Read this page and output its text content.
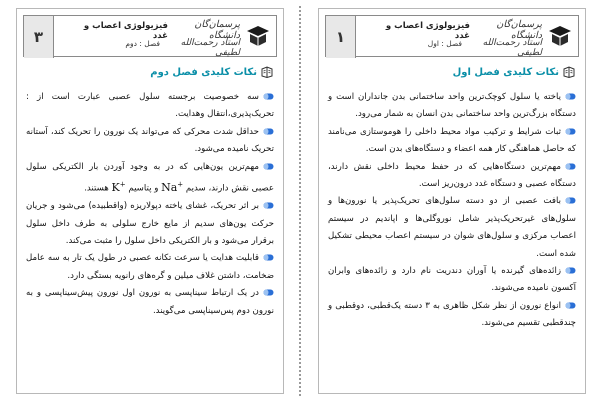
۳
پرسمان‌گان دانشگاه
فیزیولوژی اعصاب و غدد
استاد رحمت‌الله لطیفی
فصل : دوم
نکات کلیدی فصل دوم
سه خصوصیت برجسته سلول عصبی عبارت است از : تحریک‌پذیری،انتقال وهدایت.
حداقل شدت محرکی که می‌تواند یک نورون را تحریک کند، آستانه تحریک نامیده می‌شود.
مهم‌ترین یون‌هایی که در به وجود آوردن بار الکتریکی سلول عصبی نقش دارند، سدیم Na+ و پتاسیم K+ هستند.
بر اثر تحریک، غشای یاخته دپولاریزه (واقطبیده) می‌شود و جریان حرکت یون‌های سدیم از مایع خارج سلولی به طرف داخل سلول برقرار می‌شود و بار الکتریکی داخل سلول را مثبت می‌کند.
قابلیت هدایت یا سرعت تکانه عصبی در طول یک تار به سه عامل ضخامت، داشتن غلاف میلین و گره‌های رانویه بستگی دارد.
در یک ارتباط سیناپسی به نورون اول نورون پیش‌سیناپسی و به نورون دوم پس‌سیناپسی می‌گویند.
۱
پرسمان‌گان دانشگاه
فیزیولوژی اعصاب و غدد
استاد رحمت‌الله لطیفی
فصل : اول
نکات کلیدی فصل اول
یاخته یا سلول کوچک‌ترین واحد ساختمانی بدن جانداران است و دستگاه بزرگ‌ترین واحد ساختمانی بدن انسان به شمار می‌رود.
ثبات شرایط و ترکیب مواد محیط داخلی را هوموستازی می‌نامند که حاصل هماهنگی کار همه اعضاء و دستگاه‌های بدن است.
مهم‌ترین دستگاه‌هایی که در حفظ محیط داخلی نقش دارند، دستگاه عصبی و دستگاه غدد درون‌ریز است.
بافت عصبی از دو دسته سلول‌های تحریک‌پذیر یا نورون‌ها و سلول‌های غیرتحریک‌پذیر شامل نوروگلی‌ها و اپاندیم در سیستم اعصاب مرکزی و سلول‌های شوان در سیستم اعصاب محیطی تشکیل شده است.
زائده‌های گیرنده یا آوران دندریت نام دارد و زائده‌های وابران آکسون نامیده می‌شوند.
انواع نورون از نظر شکل ظاهری به ۳ دسته یک‌قطبی، دوقطبی و چندقطبی تقسیم می‌شوند.
